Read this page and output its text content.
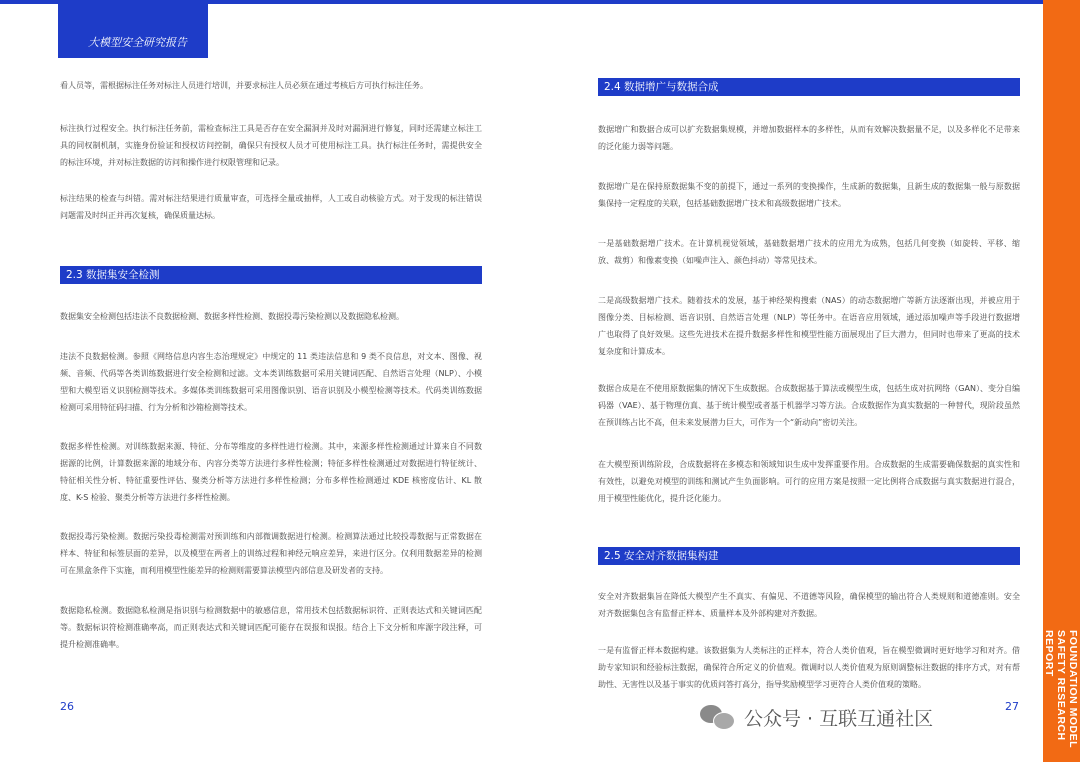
大模型安全研究报告
FOUNDATION MODEL SAFETY RESEARCH REPORT
看人员等，需根据标注任务对标注人员进行培训，并要求标注人员必须在通过考核后方可执行标注任务。
标注执行过程安全。执行标注任务前，需检查标注工具是否存在安全漏洞并及时对漏洞进行修复，同时还需建立标注工具的同权制机制，实施身份验证和授权访问控制，确保只有授权人员才可使用标注工具。执行标注任务时，需提供安全的标注环境，并对标注数据的访问和操作进行权限管理和记录。
标注结果的检查与纠错。需对标注结果进行质量审查，可选择全量或抽样，人工或自动核验方式。对于发现的标注错误问题需及时纠正并再次复核，确保质量达标。
2.3 数据集安全检测
数据集安全检测包括违法不良数据检测、数据多样性检测、数据投毒污染检测以及数据隐私检测。
违法不良数据检测。参照《网络信息内容生态治理规定》中规定的 11 类违法信息和 9 类不良信息，对文本、图像、视频、音频、代码等各类训练数据进行安全检测和过滤。文本类训练数据可采用关键词匹配、自然语言处理（NLP）、小模型和大模型语义识别检测等技术。多媒体类训练数据可采用图像识别、语音识别及小模型检测等技术。代码类训练数据检测可采用特征码扫描、行为分析和沙箱检测等技术。
数据多样性检测。对训练数据来源、特征、分布等维度的多样性进行检测。其中，来源多样性检测通过计算来自不同数据源的比例，计算数据来源的地域分布、内容分类等方法进行多样性检测；特征多样性检测通过对数据进行特征统计、特征相关性分析、特征重要性评估、聚类分析等方法进行多样性检测；分布多样性检测通过 KDE 核密度估计、KL 散度、K-S 检验、聚类分析等方法进行多样性检测。
数据投毒污染检测。数据污染投毒检测需对预训练和内部微调数据进行检测。检测算法通过比较投毒数据与正常数据在样本、特征和标签层面的差异，以及模型在两者上的训练过程和神经元响应差异，来进行区分。仅利用数据差异的检测可在黑盒条件下实施，而利用模型性能差异的检测则需要算法模型内部信息及研发者的支持。
数据隐私检测。数据隐私检测是指识别与检测数据中的敏感信息，常用技术包括数据标识符、正则表达式和关键词匹配等。数据标识符检测准确率高，而正则表达式和关键词匹配可能存在误报和误报。结合上下文分析和库源字段注释，可提升检测准确率。
26
2.4 数据增广与数据合成
数据增广和数据合成可以扩充数据集规模，并增加数据样本的多样性，从而有效解决数据量不足，以及多样化不足带来的泛化能力弱等问题。
数据增广是在保持原数据集不变的前提下，通过一系列的变换操作，生成新的数据集，且新生成的数据集一般与原数据集保持一定程度的关联，包括基础数据增广技术和高级数据增广技术。
一是基础数据增广技术。在计算机视觉领域，基础数据增广技术的应用尤为成熟，包括几何变换（如旋转、平移、缩放、裁剪）和像素变换（如噪声注入、颜色抖动）等常见技术。
二是高级数据增广技术。随着技术的发展，基于神经架构搜索（NAS）的动态数据增广等新方法逐渐出现，并被应用于图像分类、目标检测、语音识别、自然语言处理（NLP）等任务中。在语音应用领域，通过添加噪声等手段进行数据增广也取得了良好效果。这些先进技术在提升数据多样性和模型性能方面展现出了巨大潜力，但同时也带来了更高的技术复杂度和计算成本。
数据合成是在不使用原数据集的情况下生成数据。合成数据基于算法或模型生成，包括生成对抗网络（GAN）、变分自编码器（VAE）、基于物理仿真、基于统计模型或者基于机器学习等方法。合成数据作为真实数据的一种替代，现阶段虽然在预训练占比不高，但未来发展潜力巨大，可作为一个“新动向”密切关注。
在大模型预训练阶段，合成数据将在多模态和领域知识生成中发挥重要作用。合成数据的生成需要确保数据的真实性和有效性，以避免对模型的训练和测试产生负面影响。可行的应用方案是按照一定比例将合成数据与真实数据进行混合，用于模型性能优化，提升泛化能力。
2.5 安全对齐数据集构建
安全对齐数据集旨在降低大模型产生不真实、有偏见、不道德等风险，确保模型的输出符合人类规则和道德准则。安全对齐数据集包含有监督正样本、质量样本及外部构建对齐数据。
一是有监督正样本数据构建。该数据集为人类标注的正样本，符合人类价值观，旨在模型微调时更好地学习和对齐。借助专家知识和经验标注数据，确保符合所定义的价值观。微调时以人类价值观为原则调整标注数据的排序方式，对有帮助性、无害性以及基于事实的优质问答打高分，指导奖励模型学习更符合人类价值观的策略。
27
公众号 · 互联互通社区
